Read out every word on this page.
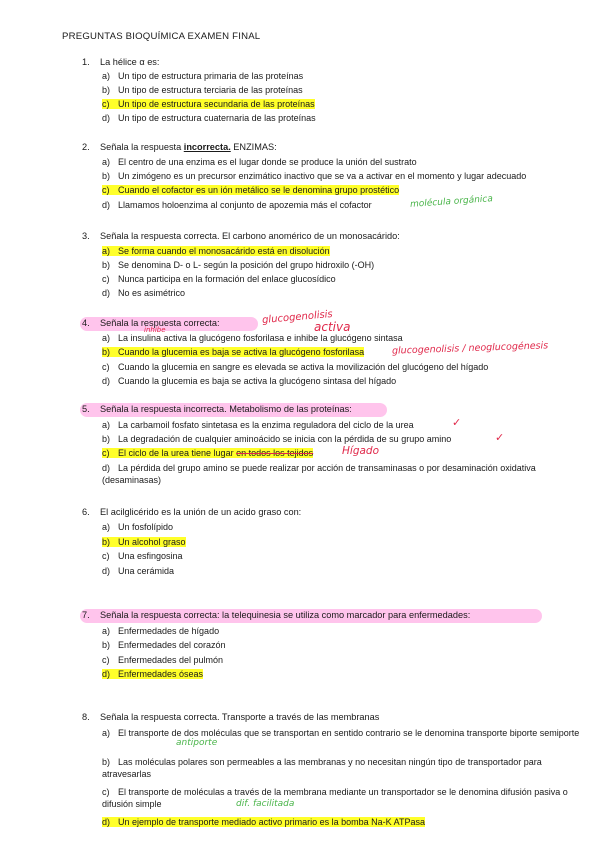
PREGUNTAS BIOQUÍMICA EXAMEN FINAL
1. La hélice α es:
a) Un tipo de estructura primaria de las proteínas
b) Un tipo de estructura terciaria de las proteínas
c) Un tipo de estructura secundaria de las proteínas
d) Un tipo de estructura cuaternaria de las proteínas
2. Señala la respuesta incorrecta. ENZIMAS:
a) El centro de una enzima es el lugar donde se produce la unión del sustrato
b) Un zimógeno es un precursor enzimático inactivo que se va a activar en el momento y lugar adecuado
c) Cuando el cofactor es un ión metálico se le denomina grupo prostético
d) Llamamos holoenzima al conjunto de apozemia más el cofactor	molécula orgánica
3. Señala la respuesta correcta. El carbono anomérico de un monosacárido:
a) Se forma cuando el monosacárido está en disolución
b) Se denomina D- o L- según la posición del grupo hidroxilo (-OH)
c) Nunca participa en la formación del enlace glucosídico
d) No es asimétrico
4. Señala la respuesta correcta:	glucogenolisis
activa
inhibe
a) La insulina activa la glucógeno fosforilasa e inhibe la glucógeno sintasa
b) Cuando la glucemia es baja se activa la glucógeno fosforilasa	glucogenolisis / neoglucogénesis
c) Cuando la glucemia en sangre es elevada se activa la movilización del glucógeno del hígado
d) Cuando la glucemia es baja se activa la glucógeno sintasa del hígado
5. Señala la respuesta incorrecta. Metabolismo de las proteínas:
a) La carbamoil fosfato sintetasa es la enzima reguladora del ciclo de la urea	✓
b) La degradación de cualquier aminoácido se inicia con la pérdida de su grupo amino	✓
c) El ciclo de la urea tiene lugar en todos los tejidos	Hígado
d) La pérdida del grupo amino se puede realizar por acción de transaminasas o por desaminación oxidativa (desaminasas)
6. El acilglicérido es la unión de un acido graso con:
a) Un fosfolípido
b) Un alcohol graso
c) Una esfingosina
d) Una cerámida
7. Señala la respuesta correcta: la telequinesia se utiliza como marcador para enfermedades:
a) Enfermedades de hígado
b) Enfermedades del corazón
c) Enfermedades del pulmón
d) Enfermedades óseas
8. Señala la respuesta correcta. Transporte a través de las membranas
a) El transporte de dos moléculas que se transportan en sentido contrario se le denomina transporte biporte semiporte
antiporte
b) Las moléculas polares son permeables a las membranas y no necesitan ningún tipo de transportador para atravesarlas
c) El transporte de moléculas a través de la membrana mediante un transportador se le denomina difusión pasiva o difusión simple	dif. facilitada
d) Un ejemplo de transporte mediado activo primario es la bomba Na-K ATPasa
